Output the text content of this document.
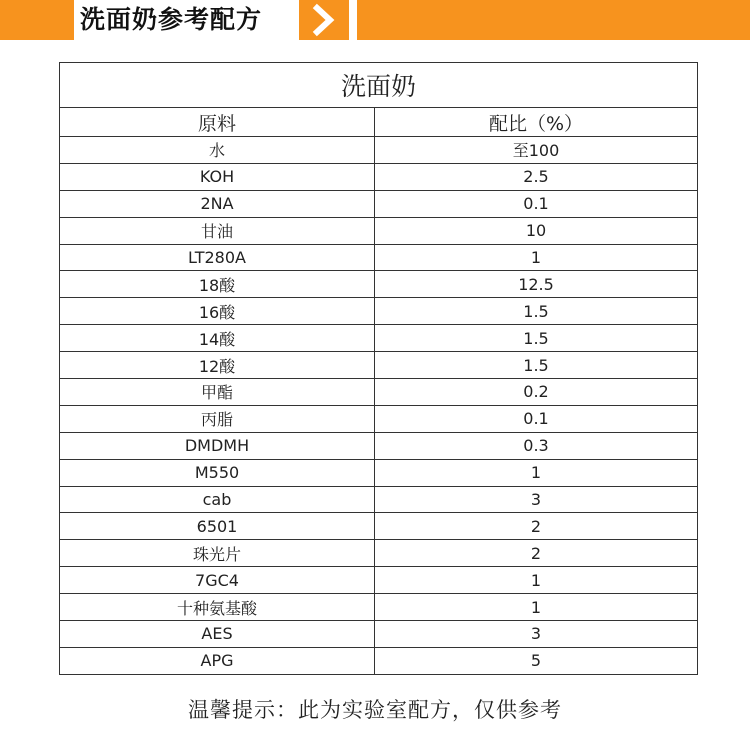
洗面奶参考配方
洗面奶	
原料	配比（%）
水	至100
KOH	2.5
2NA	0.1
甘油	10
LT280A	1
18酸	12.5
16酸	1.5
14酸	1.5
12酸	1.5
甲酯	0.2
丙脂	0.1
DMDMH	0.3
M550	1
cab	3
6501	2
珠光片	2
7GC4	1
十种氨基酸	1
AES	3
APG	5
温馨提示：此为实验室配方，仅供参考
